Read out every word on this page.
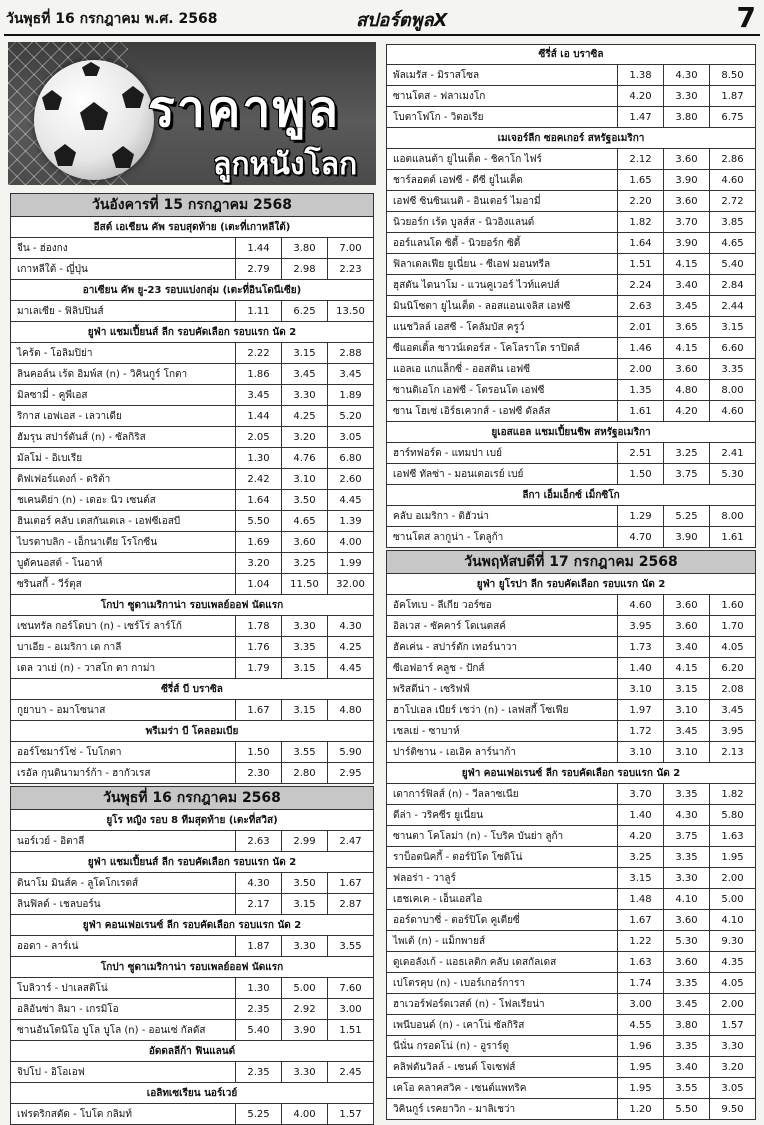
วันพุธที่ 16 กรกฎาคม พ.ศ. 2568	สปอร์ตพูลX	7
ราคาพูล
ลูกหนังโลก
วันอังคารที่ 15 กรกฎาคม 2568
อีสต์ เอเชียน คัพ รอบสุดท้าย (เตะที่เกาหลีใต้)
จีน - ฮ่องกง	1.44	3.80	7.00
เกาหลีใต้ - ญี่ปุ่น	2.79	2.98	2.23
อาเซียน คัพ ยู-23 รอบแบ่งกลุ่ม (เตะที่อินโดนีเซีย)
มาเลเซีย - ฟิลิปปินส์	1.11	6.25	13.50
ยูฟ่า แชมเปี้ยนส์ ลีก รอบคัดเลือก รอบแรก นัด 2
ไคร้ต - โอลิมปิย่า	2.22	3.15	2.88
ลินคอล์น เร้ด อิมพ์ส (n) - วิคินกูร์ โกตา	1.86	3.45	3.45
มิลซามี่ - คูพีเอส	3.45	3.30	1.89
ริกาส เอฟเอส - เลวาเดีย	1.44	4.25	5.20
ฮัมรุน สปาร์ตันส์ (n) - ซัลกิริส	2.05	3.20	3.05
มัลโม่ - อิเบเรีย	1.30	4.76	6.80
ดิฟเฟอร์แดงก์ - ดริต้า	2.42	3.10	2.60
ชเคนดิย่า (n) - เดอะ นิว เซนต์ส	1.64	3.50	4.45
ฮินเตอร์ คลับ เตสกันเดเล - เอฟซีเอสบี	5.50	4.65	1.39
ไบรตาบลิก - เอ็กนาเตีย โรโกซีน	1.69	3.60	4.00
บูดัคนอสต์ - โนอาห์	3.20	3.25	1.99
ซรินสกี้ - วีร์ตุส	1.04	11.50	32.00
โกปา ซูดาเมริกาน่า รอบเพลย์ออฟ นัดแรก
เซนทรัล กอร์โดบา (n) - เซร์โร่ ลาร์โก้	1.78	3.30	4.30
บาเอีย - อเมริกา เด กาลี	1.76	3.35	4.25
เดล วาเย่ (n) - วาสโก ดา กาม่า	1.79	3.15	4.45
ซีรี่ส์ บี บราซิล
กูยาบา - อมาโซนาส	1.67	3.15	4.80
พรีเมร่า บี โคลอมเบีย
ออร์โซมาร์โซ่ - โบโกตา	1.50	3.55	5.90
เรอัล กุนดินามาร์ก้า - ฮากัวเรส	2.30	2.80	2.95
วันพุธที่ 16 กรกฎาคม 2568
ยูโร หญิง รอบ 8 ทีมสุดท้าย (เตะที่สวิส)
นอร์เวย์ - อิตาลี	2.63	2.99	2.47
ยูฟ่า แชมเปี้ยนส์ ลีก รอบคัดเลือก รอบแรก นัด 2
ดินาโม มินส์ค - ลูโดโกเรตส์	4.30	3.50	1.67
ลินฟิลด์ - เชลบอร์น	2.17	3.15	2.87
ยูฟ่า คอนเฟอเรนซ์ ลีก รอบคัดเลือก รอบแรก นัด 2
ออดา - ลาร์เน่	1.87	3.30	3.55
โกปา ซูดาเมริกาน่า รอบเพลย์ออฟ นัดแรก
โบลิวาร์ - ปาเลสติโน่	1.30	5.00	7.60
อลิอันซ่า ลิมา - เกรมิโอ	2.35	2.92	3.00
ซานอันโตนิโอ บูโล บูโล (n) - ออนเซ่ กัลดัส	5.40	3.90	1.51
อัดดลลีก้า ฟินแลนด์
จิปโป - อิโอเอฟ	2.35	3.30	2.45
เอลิทเซเรียน นอร์เวย์
เฟรดริกสตัด - โบโด กลิมท์	5.25	4.00	1.57
ซีรี่ส์ เอ บราซิล
พัลเมรัส - มิราสโซล	1.38	4.30	8.50
ซานโตส - ฟลาเมงโก	4.20	3.30	1.87
โบตาโฟโก - วิตอเรีย	1.47	3.80	6.75
เมเจอร์ลีก ซอคเกอร์ สหรัฐอเมริกา
แอตแลนต้า ยูไนเต็ด - ชิคาโก ไฟร์	2.12	3.60	2.86
ชาร์ลอตต์ เอฟซี - ดีซี ยูไนเต็ด	1.65	3.90	4.60
เอฟซี ซินซินเนติ - อินเตอร์ ไมอามี่	2.20	3.60	2.72
นิวยอร์ก เร้ด บูลส์ส - นิวอิงแลนด์	1.82	3.70	3.85
ออร์แลนโด ซิตี้ - นิวยอร์ก ซิตี้	1.64	3.90	4.65
ฟิลาเดลเฟีย ยูเนี่ยน - ซีเอฟ มอนทรีล	1.51	4.15	5.40
ฮุสตัน ไดนาโม - แวนคูเวอร์ ไวท์แคปส์	2.24	3.40	2.84
มินนิโซตา ยูไนเต็ด - ลอสแอนเจลิส เอฟซี	2.63	3.45	2.44
แนชวิลล์ เอสซี - โคลัมบัส ครูว์	2.01	3.65	3.15
ซีแอตเติ้ล ซาวน์เดอร์ส - โคโลราโด ราปิดส์	1.46	4.15	6.60
แอลเอ แกแล็กซี่ - ออสติน เอฟซี	2.00	3.60	3.35
ซานดิเอโก เอฟซี - โตรอนโต เอฟซี	1.35	4.80	8.00
ซาน โฮเซ่ เอิร์ธเควกส์ - เอฟซี ดัลลัส	1.61	4.20	4.60
ยูเอสแอล แชมเปี้ยนชิพ สหรัฐอเมริกา
ฮาร์ทฟอร์ด - แทมปา เบย์	2.51	3.25	2.41
เอฟซี ทัลซ่า - มอนเตอเรย์ เบย์	1.50	3.75	5.30
ลีกา เอ็มเอ็กซ์ เม็กซิโก
คลับ อเมริกา - ติฮัวน่า	1.29	5.25	8.00
ซานโตส ลากูน่า - โตลูก้า	4.70	3.90	1.61
วันพฤหัสบดีที่ 17 กรกฎาคม 2568
ยูฟ่า ยูโรปา ลีก รอบคัดเลือก รอบแรก นัด 2
อัคโทเบ - ลีเกีย วอร์ซอ	4.60	3.60	1.60
อิลเวส - ซัคคาร์ โดเนตสค์	3.95	3.60	1.70
ฮัคเค่น - สปาร์ตัก เทอร์นาวา	1.73	3.40	4.05
ซีเอฟอาร์ คลูช - ปักส์	1.40	4.15	6.20
พริสตีน่า - เซริฟฟ์	3.10	3.15	2.08
ฮาโปเอล เบียร์ เชว่า (n) - เลฟสกี้ โซเฟีย	1.97	3.10	3.45
เชลเย่ - ซาบาห์	1.72	3.45	3.95
ปาร์ติซาน - เอเอิค ลาร์นาก้า	3.10	3.10	2.13
ยูฟ่า คอนเฟอเรนซ์ ลีก รอบคัดเลือก รอบแรก นัด 2
เดาการ์ฟิลส์ (n) - วีลลาซเนีย	3.70	3.35	1.82
ดีล่า - วริคซีร ยูเนี่ยน	1.40	4.30	5.80
ซานตา โคโลม่า (n) - โบริค บันย่า ลูก้า	4.20	3.75	1.63
ราบ็อตนิคกี้ - ตอร์ปิโด โซดิโน่	3.25	3.35	1.95
ฟลอร่า - วาลูร์	3.15	3.30	2.00
เฮชเคเค - เอ็นเอสไอ	1.48	4.10	5.00
ออร์ดาบาซี่ - ตอร์ปิโด คูเตียซี่	1.67	3.60	4.10
ไพเต้ (n) - แม็กพายส์	1.22	5.30	9.30
ดูเดอลังเก้ - แอธเลติก คลับ เดสกัลเดส	1.63	3.60	4.35
เปโตรคุบ (n) - เบอร์เกอร์การา	1.74	3.35	4.05
ฮาเวอร์ฟอร์ดเวสต์ (n) - โฟลเรียน่า	3.00	3.45	2.00
เพนีบอนด์ (n) - เคาโน่ ซัลกิริส	4.55	3.80	1.57
นีนั่น กรอดโน่ (n) - อูราร์ตู	1.96	3.35	3.30
คลิฟตันวิลล์ - เซนต์ โจเซฟส์	1.95	3.40	3.20
เคโอ คลาคสวิค - เซนต์แพทริค	1.95	3.55	3.05
วิคินกูร์ เรคยาวิก - มาลิเชว่า	1.20	5.50	9.50
